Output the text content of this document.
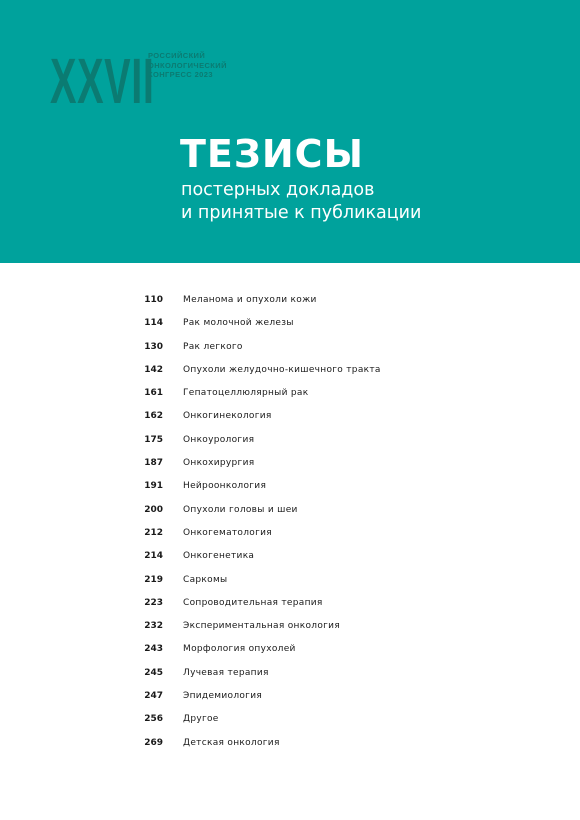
XXVII
РОССИЙСКИЙ
ОНКОЛОГИЧЕСКИЙ
КОНГРЕСС 2023
ТЕЗИСЫ
постерных докладов
и принятые к публикации
110 Меланома и опухоли кожи
114 Рак молочной железы
130 Рак легкого
142 Опухоли желудочно-кишечного тракта
161 Гепатоцеллюлярный рак
162 Онкогинекология
175 Онкоурология
187 Онкохирургия
191 Нейроонкология
200 Опухоли головы и шеи
212 Онкогематология
214 Онкогенетика
219 Саркомы
223 Сопроводительная терапия
232 Экспериментальная онкология
243 Морфология опухолей
245 Лучевая терапия
247 Эпидемиология
256 Другое
269 Детская онкология
